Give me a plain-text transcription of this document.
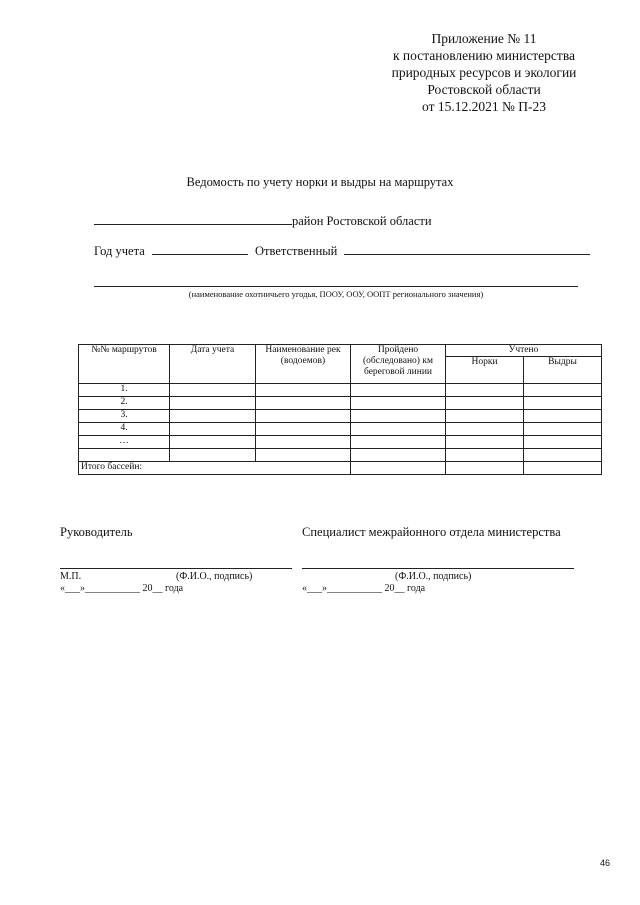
Приложение № 11
к постановлению министерства
природных ресурсов и экологии
Ростовской области
от 15.12.2021 № П-23
Ведомость по учету норки и выдры на маршрутах
район Ростовской области
Год учета	Ответственный
(наименование охотничьего угодья, ПООУ, ООУ, ООПТ регионального значения)
№№ маршрутов	Дата учета	Наименование рек (водоемов)	Пройдено (обследовано) км береговой линии	Учтено	
				Норки	Выдры
1.					
2.					
3.					
4.					
…					

Итого бассейн:					
Руководитель	Специалист межрайонного отдела министерства
М.П.	(Ф.И.О., подпись)	(Ф.И.О., подпись)
«___»___________ 20__ года	«___»___________ 20__ года
46
